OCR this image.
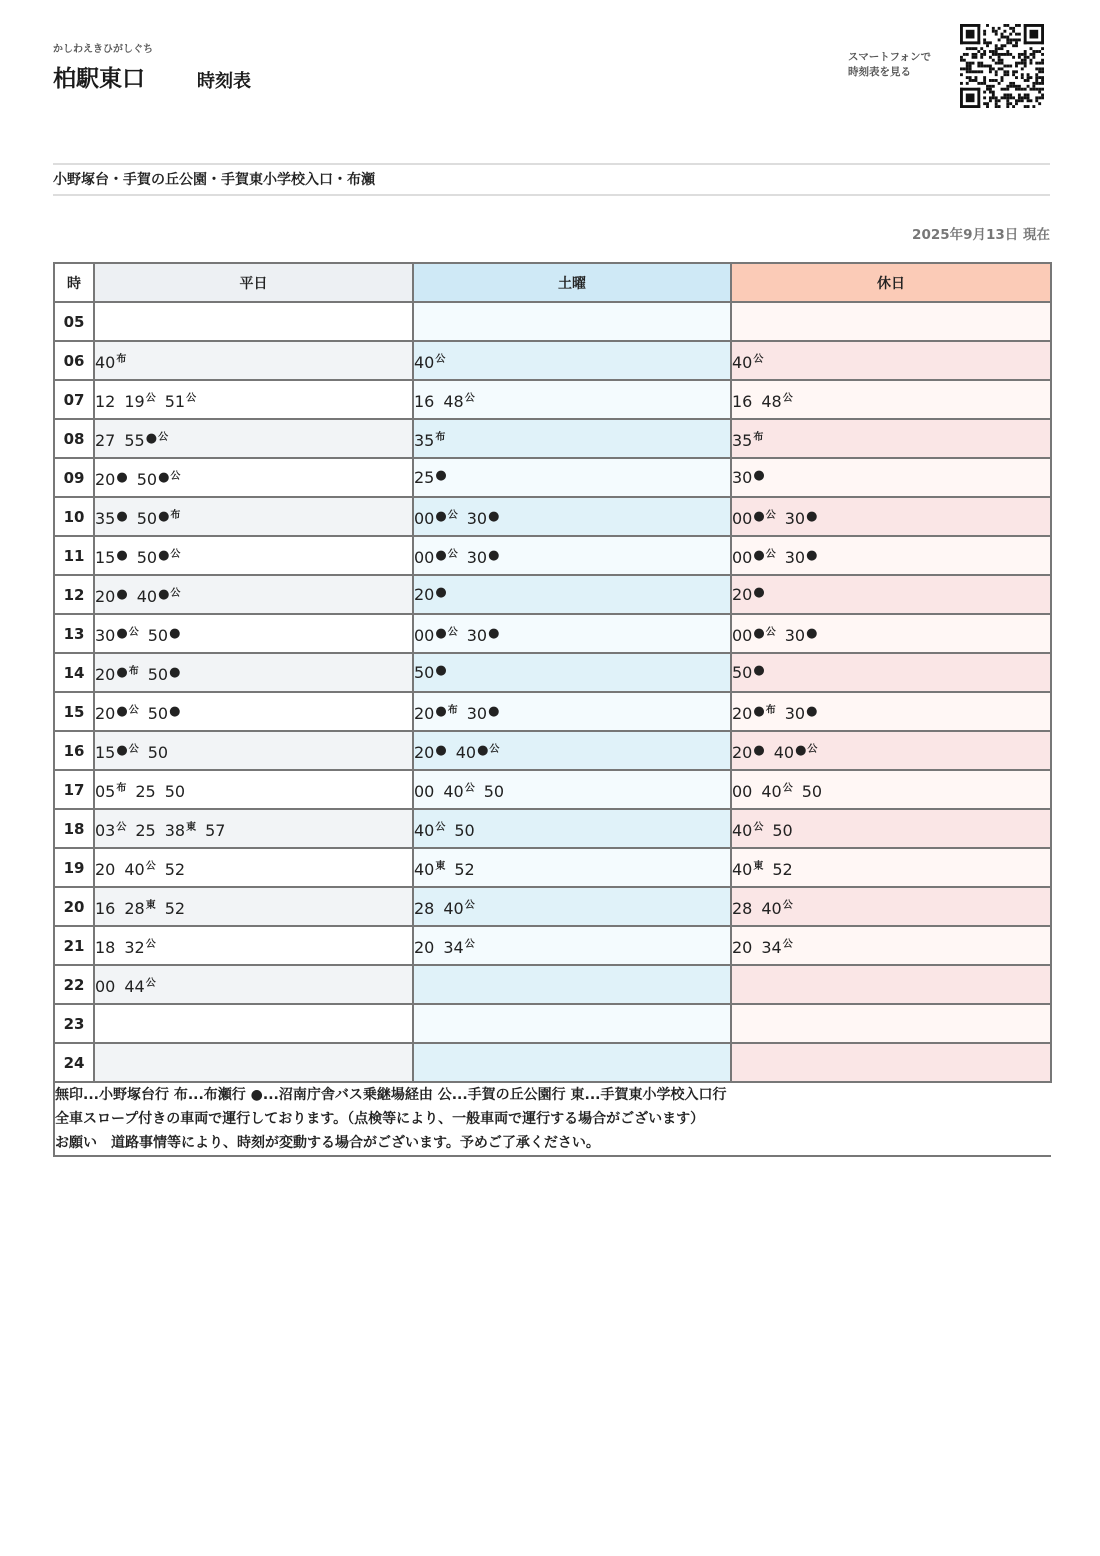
かしわえきひがしぐち
柏駅東口	時刻表
スマートフォンで
時刻表を見る
小野塚台・手賀の丘公園・手賀東小学校入口・布瀬
2025年9月13日 現在
時	平日	土曜	休日
05			
06	$40^布$	$40^公$	$40^公$
07	12 $19^公$ $51^公$	16 $48^公$	16 $48^公$
08	27 $55^{●公}$	$35^布$	$35^布$
09	20● $50^{●公}$	25●	30●
10	35● $50^{●布}$	$00^{●公}$ 30●	$00^{●公}$ 30●
11	15● $50^{●公}$	$00^{●公}$ 30●	$00^{●公}$ 30●
12	20● $40^{●公}$	20●	20●
13	$30^{●公}$ 50●	$00^{●公}$ 30●	$00^{●公}$ 30●
14	$20^{●布}$ 50●	50●	50●
15	$20^{●公}$ 50●	$20^{●布}$ 30●	$20^{●布}$ 30●
16	$15^{●公}$ 50	20● $40^{●公}$	20● $40^{●公}$
17	$05^布$ 25 50	00 $40^公$ 50	00 $40^公$ 50
18	$03^公$ 25 $38^東$ 57	$40^公$ 50	$40^公$ 50
19	20 $40^公$ 52	$40^東$ 52	$40^東$ 52
20	16 $28^東$ 52	28 $40^公$	28 $40^公$
21	18 $32^公$	20 $34^公$	20 $34^公$
22	00 $44^公$		
23			
24			

無印...小野塚台行 布...布瀬行 ●...沼南庁舎バス乗継場経由 公...手賀の丘公園行 東...手賀東小学校入口行
全車スロープ付きの車両で運行しております。（点検等により、一般車両で運行する場合がございます）
お願い　道路事情等により、時刻が変動する場合がございます。予めご了承ください。			
